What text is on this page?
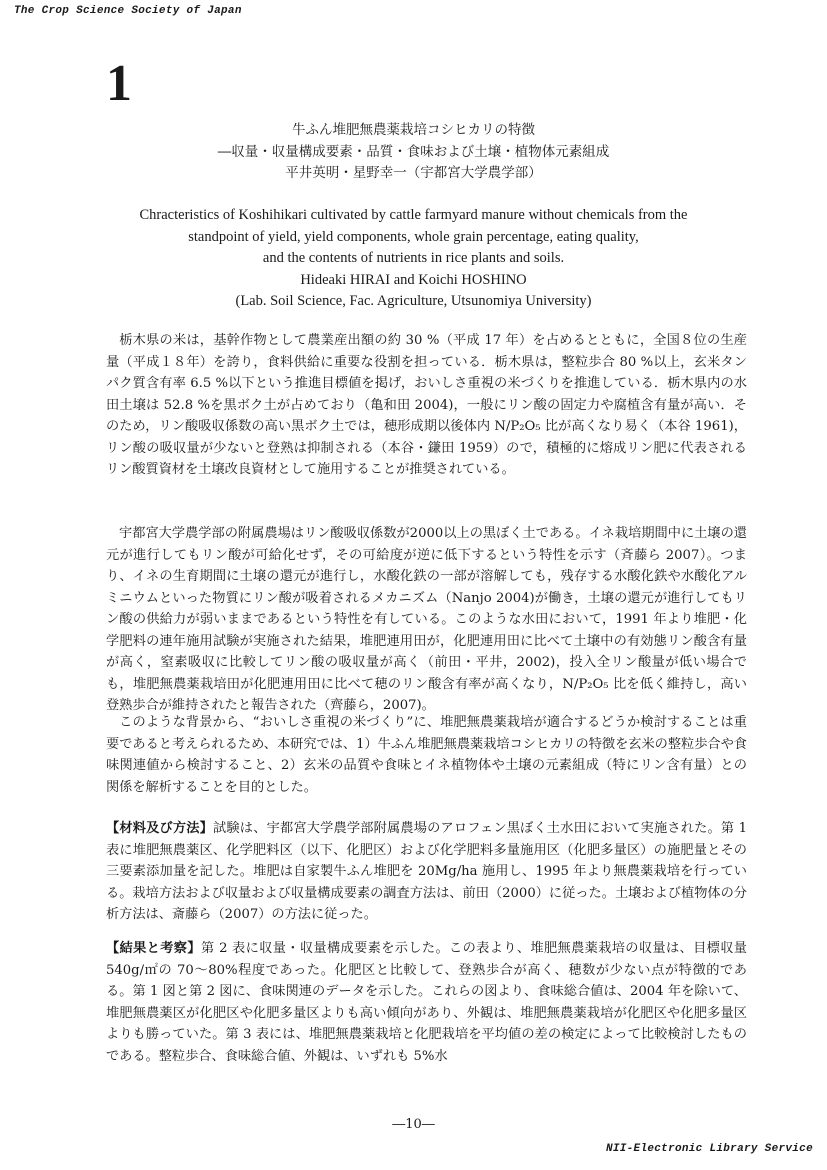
The Crop Science Society of Japan
1
牛ふん堆肥無農薬栽培コシヒカリの特徴
―収量・収量構成要素・品質・食味および土壌・植物体元素組成
平井英明・星野幸一（宇都宮大学農学部）
Chracteristics of Koshihikari cultivated by cattle farmyard manure without chemicals from the
standpoint of yield, yield components, whole grain percentage, eating quality,
and the contents of nutrients in rice plants and soils.
Hideaki HIRAI and Koichi HOSHINO
(Lab. Soil Science, Fac. Agriculture, Utsunomiya University)

栃木県の米は，基幹作物として農業産出額の約 30 %（平成 17 年）を占めるとともに，全国８位の生産量（平成１８年）を誇り，食料供給に重要な役割を担っている．栃木県は，整粒歩合 80 %以上，玄米タンパク質含有率 6.5 %以下という推進目標値を掲げ，おいしさ重視の米づくりを推進している．栃木県内の水田土壌は 52.8 %を黒ボク土が占めており（亀和田 2004)，一般にリン酸の固定力や腐植含有量が高い．そのため，リン酸吸収係数の高い黒ボク土では，穂形成期以後体内 N/P₂O₅ 比が高くなり易く（本谷 1961)，リン酸の吸収量が少ないと登熟は抑制される（本谷・鎌田 1959）ので，積極的に熔成リン肥に代表されるリン酸質資材を土壌改良資材として施用することが推奨されている。

宇都宮大学農学部の附属農場はリン酸吸収係数が2000以上の黒ぼく土である。イネ栽培期間中に土壌の還元が進行してもリン酸が可給化せず，その可給度が逆に低下するという特性を示す（斉藤ら 2007）。つまり、イネの生育期間に土壌の還元が進行し，水酸化鉄の一部が溶解しても，残存する水酸化鉄や水酸化アルミニウムといった物質にリン酸が吸着されるメカニズム（Nanjo 2004)が働き，土壌の還元が進行してもリン酸の供給力が弱いままであるという特性を有している。このような水田において，1991 年より堆肥・化学肥料の連年施用試験が実施された結果，堆肥連用田が，化肥連用田に比べて土壌中の有効態リン酸含有量が高く，窒素吸収に比較してリン酸の吸収量が高く（前田・平井，2002)，投入全リン酸量が低い場合でも，堆肥無農薬栽培田が化肥連用田に比べて穂のリン酸含有率が高くなり，N/P₂O₅ 比を低く維持し，高い登熟歩合が維持されたと報告された（齊藤ら，2007)。

このような背景から、“おいしさ重視の米づくり”に、堆肥無農薬栽培が適合するどうか検討することは重要であると考えられるため、本研究では、1）牛ふん堆肥無農薬栽培コシヒカリの特徴を玄米の整粒歩合や食味関連値から検討すること、2）玄米の品質や食味とイネ植物体や土壌の元素組成（特にリン含有量）との関係を解析することを目的とした。

【材料及び方法】試験は、宇都宮大学農学部附属農場のアロフェン黒ぼく土水田において実施された。第 1 表に堆肥無農薬区、化学肥料区（以下、化肥区）および化学肥料多量施用区（化肥多量区）の施肥量とその三要素添加量を記した。堆肥は自家製牛ふん堆肥を 20Mg/ha 施用し、1995 年より無農薬栽培を行っている。栽培方法および収量および収量構成要素の調査方法は、前田（2000）に従った。土壌および植物体の分析方法は、斎藤ら（2007）の方法に従った。

【結果と考察】第 2 表に収量・収量構成要素を示した。この表より、堆肥無農薬栽培の収量は、目標収量 540g/㎡の 70〜80%程度であった。化肥区と比較して、登熟歩合が高く、穂数が少ない点が特徴的である。第 1 図と第 2 図に、食味関連のデータを示した。これらの図より、食味総合値は、2004 年を除いて、堆肥無農薬区が化肥区や化肥多量区よりも高い傾向があり、外観は、堆肥無農薬栽培が化肥区や化肥多量区よりも勝っていた。第 3 表には、堆肥無農薬栽培と化肥栽培を平均値の差の検定によって比較検討したものである。整粒歩合、食味総合値、外観は、いずれも 5%水

―10―
NII-Electronic Library Service
